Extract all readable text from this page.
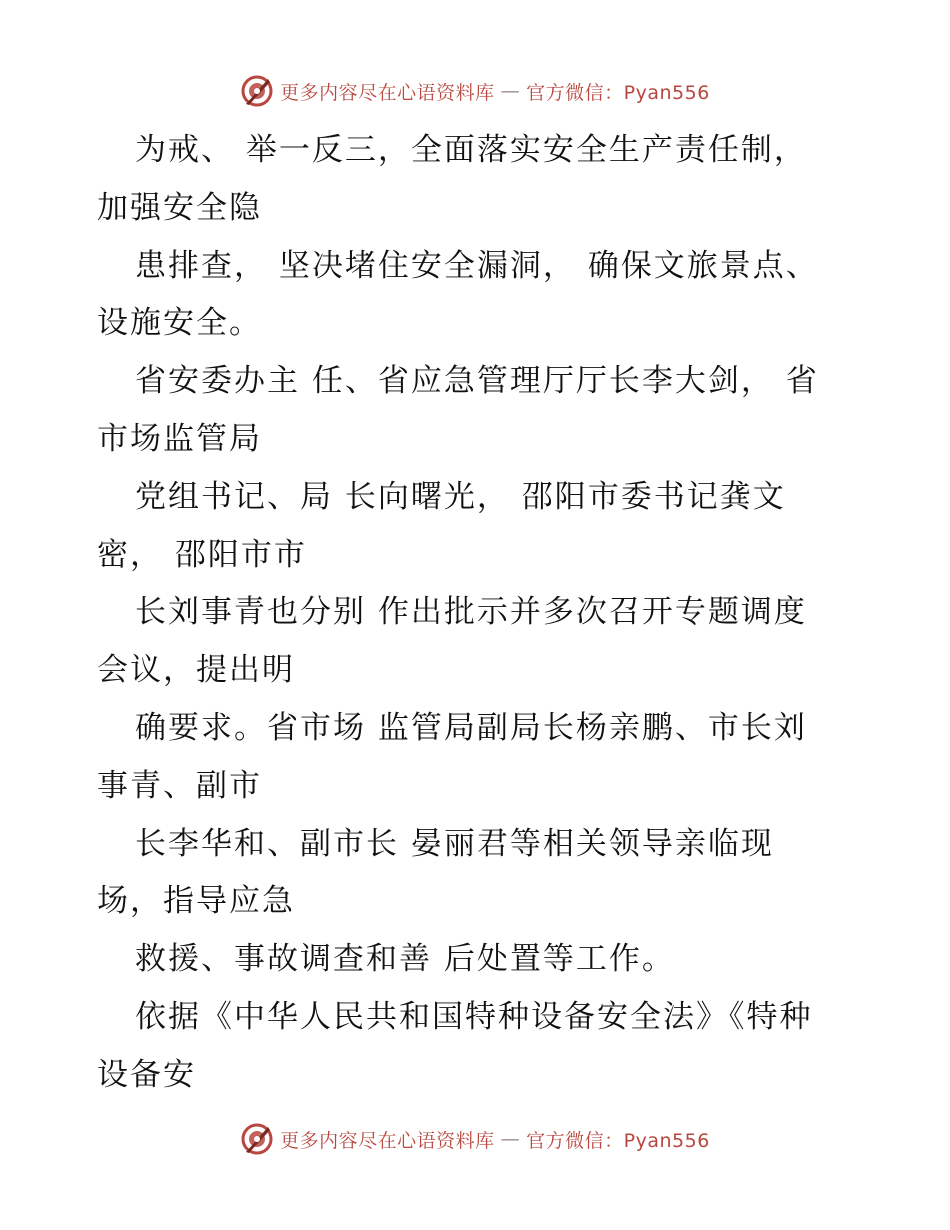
更多内容尽在心语资料库 — 官方微信：Pyan556
为戒、 举一反三，全面落实安全生产责任制，
加强安全隐
患排查， 坚决堵住安全漏洞， 确保文旅景点、
设施安全。
省安委办主 任、省应急管理厅厅长李大剑， 省
市场监管局
党组书记、局 长向曙光， 邵阳市委书记龚文
密， 邵阳市市
长刘事青也分别 作出批示并多次召开专题调度
会议，提出明
确要求。省市场 监管局副局长杨亲鹏、市长刘
事青、副市
长李华和、副市长 晏丽君等相关领导亲临现
场，指导应急
救援、事故调查和善 后处置等工作。
依据《中华人民共和国特种设备安全法》《特种
设备安
更多内容尽在心语资料库 — 官方微信：Pyan556
